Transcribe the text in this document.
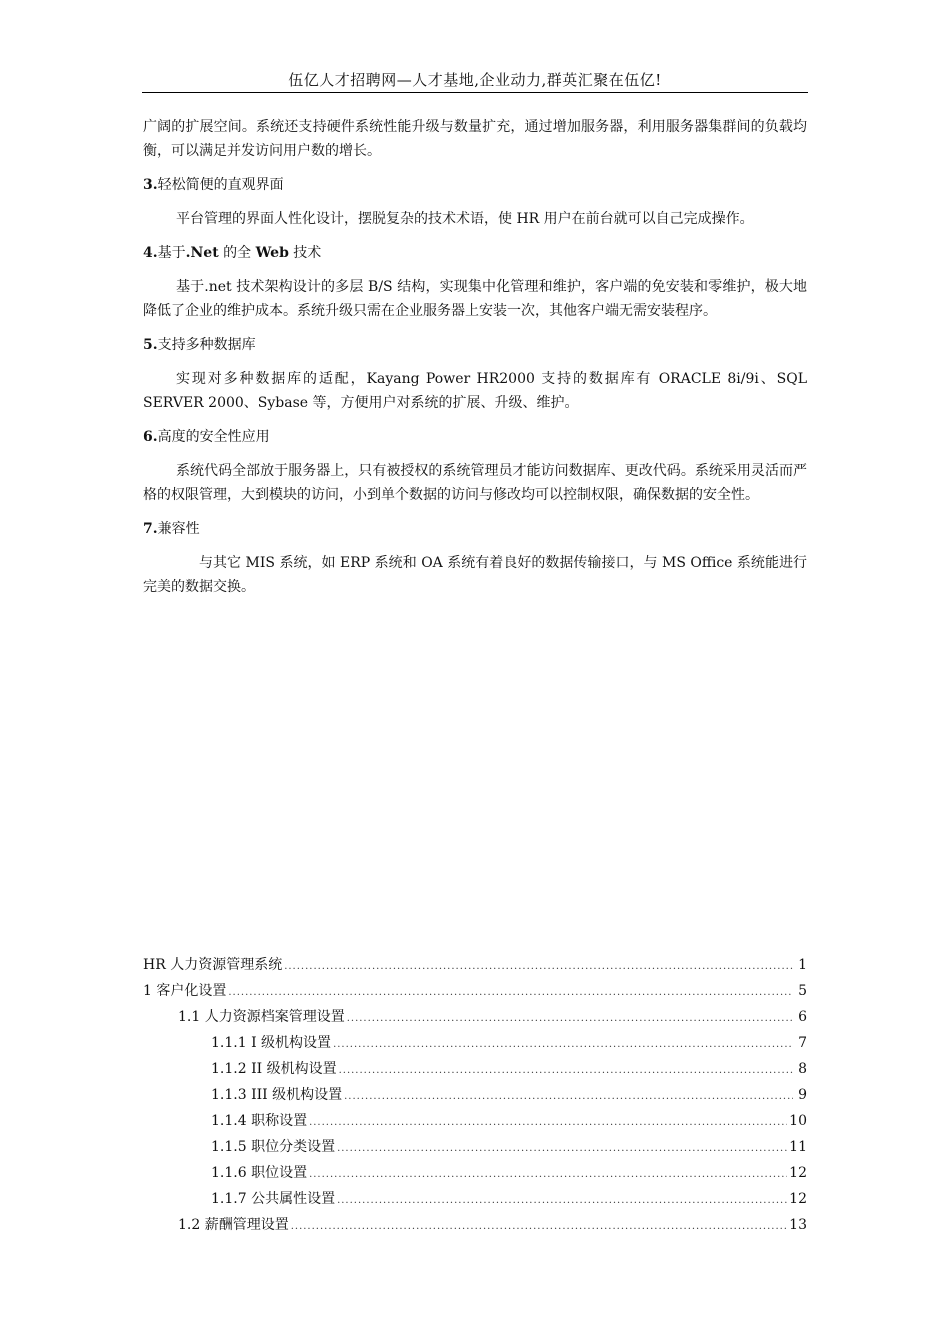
伍亿人才招聘网—人才基地,企业动力,群英汇聚在伍亿!

广阔的扩展空间。系统还支持硬件系统性能升级与数量扩充，通过增加服务器，利用服务器集群间的负载均衡，可以满足并发访问用户数的增长。

3.轻松简便的直观界面

平台管理的界面人性化设计，摆脱复杂的技术术语，使 HR 用户在前台就可以自己完成操作。

4.基于.Net 的全 Web 技术

基于.net 技术架构设计的多层 B/S 结构，实现集中化管理和维护，客户端的免安装和零维护，极大地降低了企业的维护成本。系统升级只需在企业服务器上安装一次，其他客户端无需安装程序。

5.支持多种数据库

实现对多种数据库的适配，Kayang Power HR2000 支持的数据库有 ORACLE 8i/9i、SQL SERVER 2000、Sybase 等，方便用户对系统的扩展、升级、维护。

6.高度的安全性应用

系统代码全部放于服务器上，只有被授权的系统管理员才能访问数据库、更改代码。系统采用灵活而严格的权限管理，大到模块的访问，小到单个数据的访问与修改均可以控制权限，确保数据的安全性。

7.兼容性

与其它 MIS 系统，如 ERP 系统和 OA 系统有着良好的数据传输接口，与 MS Office 系统能进行完美的数据交换。

HR 人力资源管理系统 .....	1
1 客户化设置 .....	5
1.1 人力资源档案管理设置 .....	6
1.1.1 I 级机构设置 .....	7
1.1.2 II 级机构设置 .....	8
1.1.3 III 级机构设置 .....	9
1.1.4 职称设置 .....	10
1.1.5 职位分类设置 .....	11
1.1.6 职位设置 .....	12
1.1.7 公共属性设置 .....	12
1.2 薪酬管理设置 .....	13
